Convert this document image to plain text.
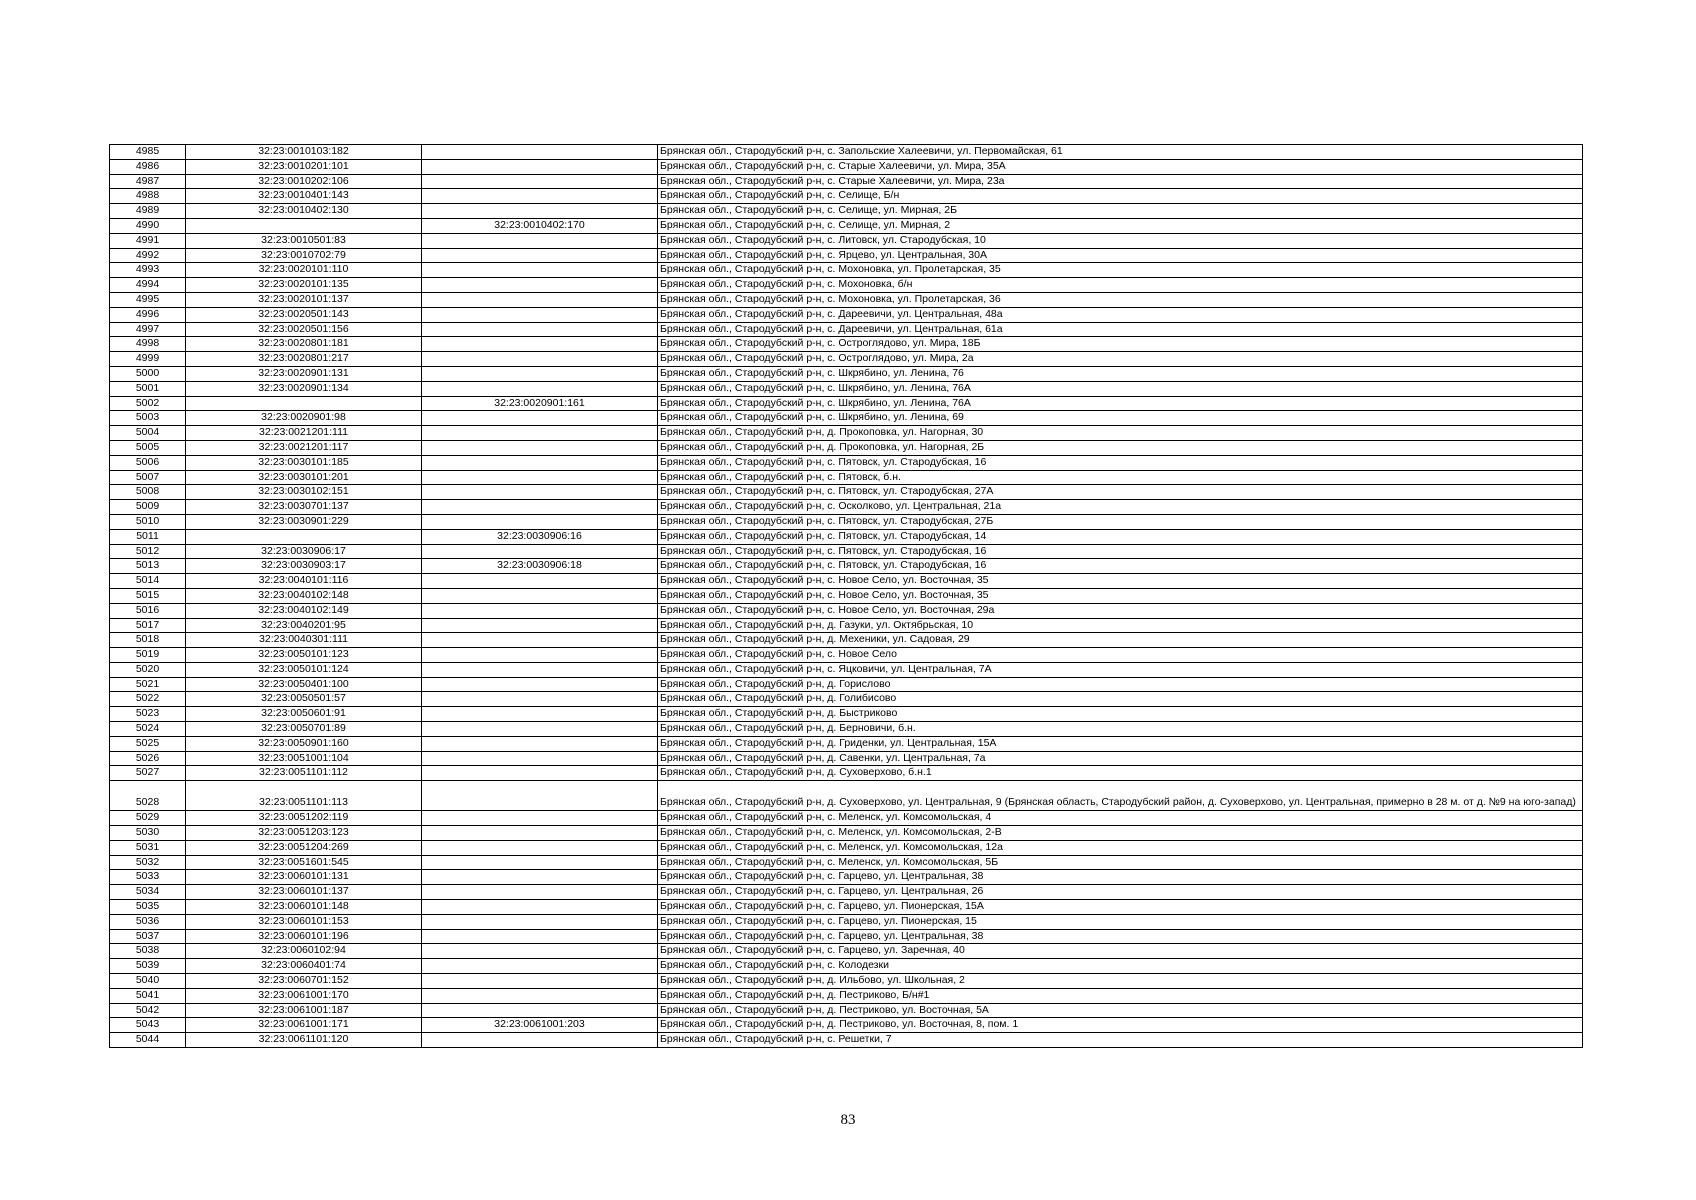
4985	32:23:0010103:182		Брянская обл., Стародубский р-н, с. Запольские Халеевичи, ул. Первомайская, 61
4986	32:23:0010201:101		Брянская обл., Стародубский р-н, с. Старые Халеевичи, ул. Мира, 35А
4987	32:23:0010202:106		Брянская обл., Стародубский р-н, с. Старые Халеевичи, ул. Мира, 23а
4988	32:23:0010401:143		Брянская обл., Стародубский р-н, с. Селище, Б/н
4989	32:23:0010402:130		Брянская обл., Стародубский р-н, с. Селище, ул. Мирная, 2Б
4990		32:23:0010402:170	Брянская обл., Стародубский р-н, с. Селище, ул. Мирная, 2
4991	32:23:0010501:83		Брянская обл., Стародубский р-н, с. Литовск, ул. Стародубская, 10
4992	32:23:0010702:79		Брянская обл., Стародубский р-н, с. Ярцево, ул. Центральная, 30А
4993	32:23:0020101:110		Брянская обл., Стародубский р-н, с. Мохоновка, ул. Пролетарская, 35
4994	32:23:0020101:135		Брянская обл., Стародубский р-н, с. Мохоновка, б/н
4995	32:23:0020101:137		Брянская обл., Стародубский р-н, с. Мохоновка, ул. Пролетарская, 36
4996	32:23:0020501:143		Брянская обл., Стародубский р-н, с. Дареевичи, ул. Центральная, 48а
4997	32:23:0020501:156		Брянская обл., Стародубский р-н, с. Дареевичи, ул. Центральная, 61а
4998	32:23:0020801:181		Брянская обл., Стародубский р-н, с. Остроглядово, ул. Мира, 18Б
4999	32:23:0020801:217		Брянская обл., Стародубский р-н, с. Остроглядово, ул. Мира, 2а
5000	32:23:0020901:131		Брянская обл., Стародубский р-н, с. Шкрябино, ул. Ленина, 76
5001	32:23:0020901:134		Брянская обл., Стародубский р-н, с. Шкрябино, ул. Ленина, 76А
5002		32:23:0020901:161	Брянская обл., Стародубский р-н, с. Шкрябино, ул. Ленина, 76А
5003	32:23:0020901:98		Брянская обл., Стародубский р-н, с. Шкрябино, ул. Ленина, 69
5004	32:23:0021201:111		Брянская обл., Стародубский р-н, д. Прокоповка, ул. Нагорная, 30
5005	32:23:0021201:117		Брянская обл., Стародубский р-н, д. Прокоповка, ул. Нагорная, 2Б
5006	32:23:0030101:185		Брянская обл., Стародубский р-н, с. Пятовск, ул. Стародубская, 16
5007	32:23:0030101:201		Брянская обл., Стародубский р-н, с. Пятовск, б.н.
5008	32:23:0030102:151		Брянская обл., Стародубский р-н, с. Пятовск, ул. Стародубская, 27А
5009	32:23:0030701:137		Брянская обл., Стародубский р-н, с. Осколково, ул. Центральная, 21а
5010	32:23:0030901:229		Брянская обл., Стародубский р-н, с. Пятовск, ул. Стародубская, 27Б
5011		32:23:0030906:16	Брянская обл., Стародубский р-н, с. Пятовск, ул. Стародубская, 14
5012	32:23:0030906:17		Брянская обл., Стародубский р-н, с. Пятовск, ул. Стародубская, 16
5013	32:23:0030903:17	32:23:0030906:18	Брянская обл., Стародубский р-н, с. Пятовск, ул. Стародубская, 16
5014	32:23:0040101:116		Брянская обл., Стародубский р-н, с. Новое Село, ул. Восточная, 35
5015	32:23:0040102:148		Брянская обл., Стародубский р-н, с. Новое Село, ул. Восточная, 35
5016	32:23:0040102:149		Брянская обл., Стародубский р-н, с. Новое Село, ул. Восточная, 29а
5017	32:23:0040201:95		Брянская обл., Стародубский р-н, д. Газуки, ул. Октябрьская, 10
5018	32:23:0040301:111		Брянская обл., Стародубский р-н, д. Мехеники, ул. Садовая, 29
5019	32:23:0050101:123		Брянская обл., Стародубский р-н, с. Новое Село
5020	32:23:0050101:124		Брянская обл., Стародубский р-н, с. Яцковичи, ул. Центральная, 7А
5021	32:23:0050401:100		Брянская обл., Стародубский р-н, д. Горислово
5022	32:23:0050501:57		Брянская обл., Стародубский р-н, д. Голибисово
5023	32:23:0050601:91		Брянская обл., Стародубский р-н, д. Быстриково
5024	32:23:0050701:89		Брянская обл., Стародубский р-н, д. Берновичи, б.н.
5025	32:23:0050901:160		Брянская обл., Стародубский р-н, д. Гриденки, ул. Центральная, 15А
5026	32:23:0051001:104		Брянская обл., Стародубский р-н, д. Савенки, ул. Центральная, 7а
5027	32:23:0051101:112		Брянская обл., Стародубский р-н, д. Суховерхово, б.н.1
5028	32:23:0051101:113		Брянская обл., Стародубский р-н, д. Суховерхово, ул. Центральная, 9 (Брянская область, Стародубский район, д. Суховерхово, ул. Центральная, примерно в 28 м. от д. №9 на юго-запад)
5029	32:23:0051202:119		Брянская обл., Стародубский р-н, с. Меленск, ул. Комсомольская, 4
5030	32:23:0051203:123		Брянская обл., Стародубский р-н, с. Меленск, ул. Комсомольская, 2-В
5031	32:23:0051204:269		Брянская обл., Стародубский р-н, с. Меленск, ул. Комсомольская, 12а
5032	32:23:0051601:545		Брянская обл., Стародубский р-н, с. Меленск, ул. Комсомольская, 5Б
5033	32:23:0060101:131		Брянская обл., Стародубский р-н, с. Гарцево, ул. Центральная, 38
5034	32:23:0060101:137		Брянская обл., Стародубский р-н, с. Гарцево, ул. Центральная, 26
5035	32:23:0060101:148		Брянская обл., Стародубский р-н, с. Гарцево, ул. Пионерская, 15А
5036	32:23:0060101:153		Брянская обл., Стародубский р-н, с. Гарцево, ул. Пионерская, 15
5037	32:23:0060101:196		Брянская обл., Стародубский р-н, с. Гарцево, ул. Центральная, 38
5038	32:23:0060102:94		Брянская обл., Стародубский р-н, с. Гарцево, ул. Заречная, 40
5039	32:23:0060401:74		Брянская обл., Стародубский р-н, с. Колодезки
5040	32:23:0060701:152		Брянская обл., Стародубский р-н, д. Ильбово, ул. Школьная, 2
5041	32:23:0061001:170		Брянская обл., Стародубский р-н, д. Пестриково, Б/н#1
5042	32:23:0061001:187		Брянская обл., Стародубский р-н, д. Пестриково, ул. Восточная, 5А
5043	32:23:0061001:171	32:23:0061001:203	Брянская обл., Стародубский р-н, д. Пестриково, ул. Восточная, 8, пом. 1
5044	32:23:0061101:120		Брянская обл., Стародубский р-н, с. Решетки, 7
83
